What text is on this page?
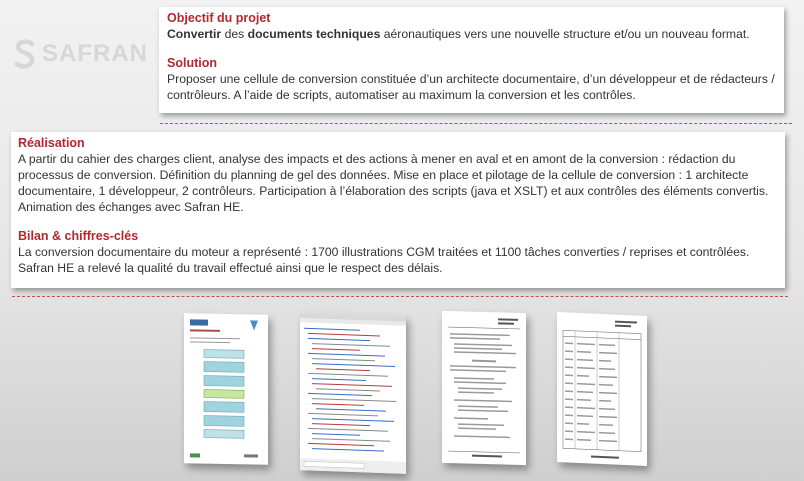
SAFRAN
Objectif du projet

Convertir des documents techniques aéronautiques vers une nouvelle structure et/ou un nouveau format.

Solution

Proposer une cellule de conversion constituée d’un architecte documentaire, d’un développeur et de rédacteurs / contrôleurs. A l’aide de scripts, automatiser au maximum la conversion et les contrôles.

Réalisation

A partir du cahier des charges client, analyse des impacts et des actions à mener en aval et en amont de la conversion : rédaction du processus de conversion. Définition du planning de gel des données. Mise en place et pilotage de la cellule de conversion : 1 architecte documentaire, 1 développeur, 2 contrôleurs. Participation à l’élaboration des scripts (java et XSLT) et aux contrôles des éléments convertis. Animation des échanges avec Safran HE.

Bilan & chiffres-clés

La conversion documentaire du moteur a représenté : 1700 illustrations CGM traitées et 1100 tâches converties / reprises et contrôlées. Safran HE a relevé la qualité du travail effectué ainsi que le respect des délais.
